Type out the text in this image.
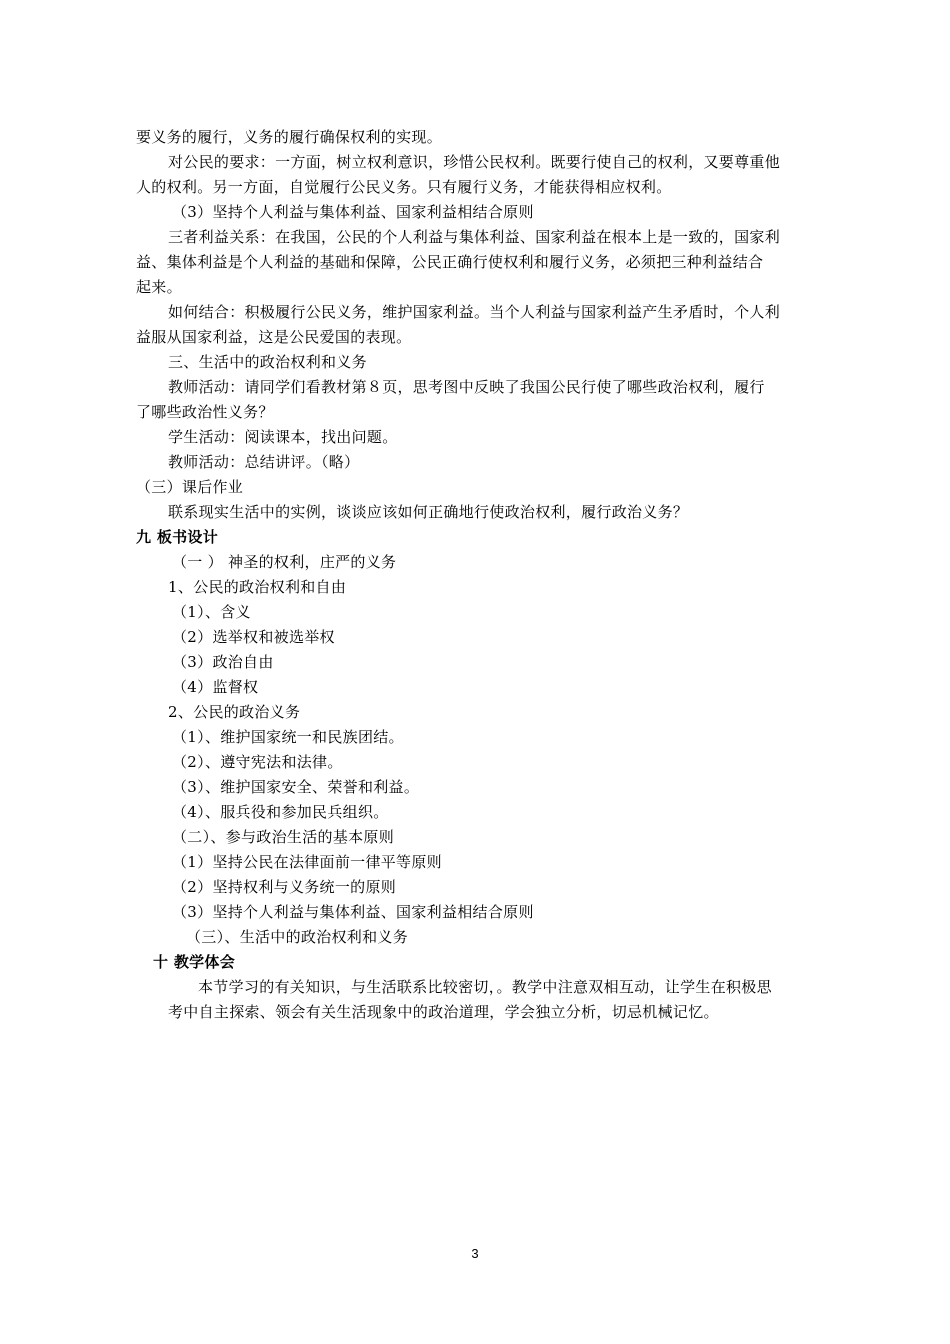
要义务的履行，义务的履行确保权利的实现。
对公民的要求：一方面，树立权利意识，珍惜公民权利。既要行使自己的权利，又要尊重他
人的权利。另一方面，自觉履行公民义务。只有履行义务，才能获得相应权利。
（3）坚持个人利益与集体利益、国家利益相结合原则
三者利益关系：在我国，公民的个人利益与集体利益、国家利益在根本上是一致的，国家利
益、集体利益是个人利益的基础和保障，公民正确行使权利和履行义务，必须把三种利益结合
起来。
如何结合：积极履行公民义务，维护国家利益。当个人利益与国家利益产生矛盾时，个人利
益服从国家利益，这是公民爱国的表现。
三、生活中的政治权利和义务
教师活动：请同学们看教材第８页，思考图中反映了我国公民行使了哪些政治权利，履行
了哪些政治性义务？
学生活动：阅读课本，找出问题。
教师活动：总结讲评。（略）
（三）课后作业
联系现实生活中的实例，谈谈应该如何正确地行使政治权利，履行政治义务？
九 板书设计
（一 ） 神圣的权利，庄严的义务
1、公民的政治权利和自由
（1）、含义
（2）选举权和被选举权
（3）政治自由
（4）监督权
2、公民的政治义务
（1）、维护国家统一和民族团结。
（2）、遵守宪法和法律。
（3）、维护国家安全、荣誉和利益。
（4）、服兵役和参加民兵组织。
（二）、参与政治生活的基本原则
（1）坚持公民在法律面前一律平等原则
（2）坚持权利与义务统一的原则
（3）坚持个人利益与集体利益、国家利益相结合原则
（三）、生活中的政治权利和义务
十 教学体会
本节学习的有关知识，与生活联系比较密切，。教学中注意双相互动，让学生在积极思
考中自主探索、领会有关生活现象中的政治道理，学会独立分析，切忌机械记忆。
3
